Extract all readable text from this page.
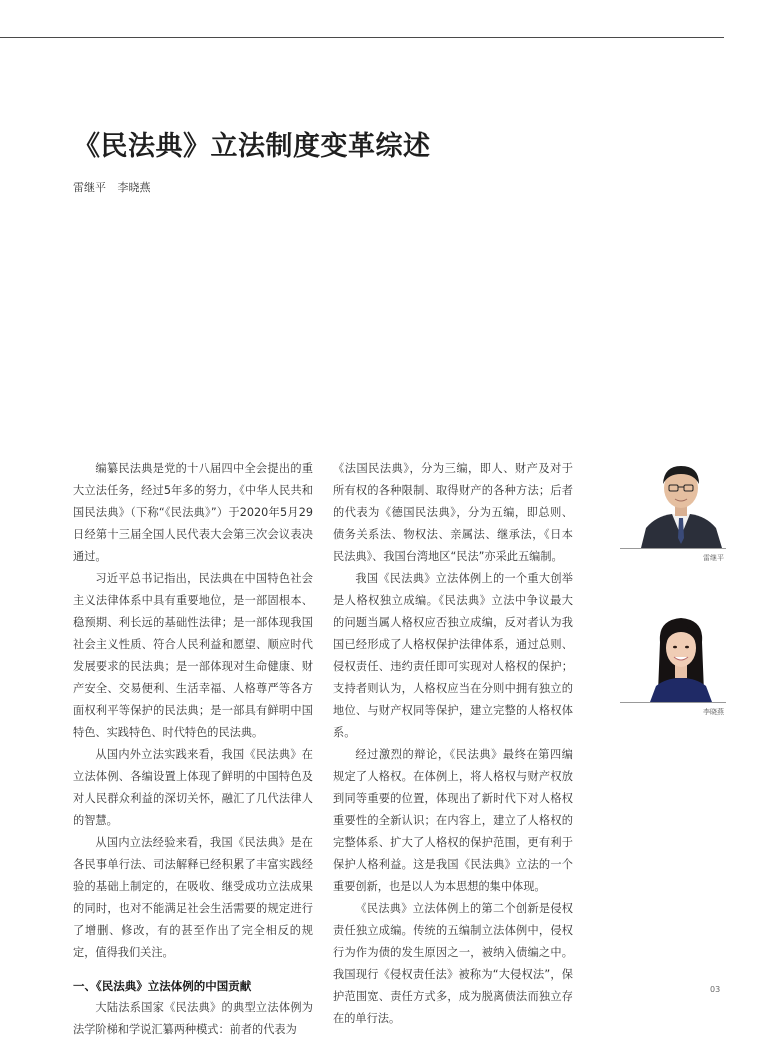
《民法典》立法制度变革综述
雷继平 李晓燕

编纂民法典是党的十八届四中全会提出的重大立法任务，经过5年多的努力，《中华人民共和国民法典》（下称“《民法典》”）于2020年5月29日经第十三届全国人民代表大会第三次会议表决通过。

习近平总书记指出，民法典在中国特色社会主义法律体系中具有重要地位，是一部固根本、稳预期、利长远的基础性法律；是一部体现我国社会主义性质、符合人民利益和愿望、顺应时代发展要求的民法典；是一部体现对生命健康、财产安全、交易便利、生活幸福、人格尊严等各方面权利平等保护的民法典；是一部具有鲜明中国特色、实践特色、时代特色的民法典。

从国内外立法实践来看，我国《民法典》在立法体例、各编设置上体现了鲜明的中国特色及对人民群众利益的深切关怀，融汇了几代法律人的智慧。

从国内立法经验来看，我国《民法典》是在各民事单行法、司法解释已经积累了丰富实践经验的基础上制定的，在吸收、继受成功立法成果的同时，也对不能满足社会生活需要的规定进行了增删、修改，有的甚至作出了完全相反的规定，值得我们关注。

一、《民法典》立法体例的中国贡献

大陆法系国家《民法典》的典型立法体例为法学阶梯和学说汇纂两种模式：前者的代表为

《法国民法典》，分为三编，即人、财产及对于所有权的各种限制、取得财产的各种方法；后者的代表为《德国民法典》，分为五编，即总则、债务关系法、物权法、亲属法、继承法，《日本民法典》、我国台湾地区“民法”亦采此五编制。

我国《民法典》立法体例上的一个重大创举是人格权独立成编。《民法典》立法中争议最大的问题当属人格权应否独立成编，反对者认为我国已经形成了人格权保护法律体系，通过总则、侵权责任、违约责任即可实现对人格权的保护；支持者则认为，人格权应当在分则中拥有独立的地位、与财产权同等保护，建立完整的人格权体系。

经过激烈的辩论，《民法典》最终在第四编规定了人格权。在体例上，将人格权与财产权放到同等重要的位置，体现出了新时代下对人格权重要性的全新认识；在内容上，建立了人格权的完整体系、扩大了人格权的保护范围，更有利于保护人格利益。这是我国《民法典》立法的一个重要创新，也是以人为本思想的集中体现。

《民法典》立法体例上的第二个创新是侵权责任独立成编。传统的五编制立法体例中，侵权行为作为债的发生原因之一，被纳入债编之中。我国现行《侵权责任法》被称为“大侵权法”，保护范围宽、责任方式多，成为脱离债法而独立存在的单行法。

雷继平
李晓燕
03
